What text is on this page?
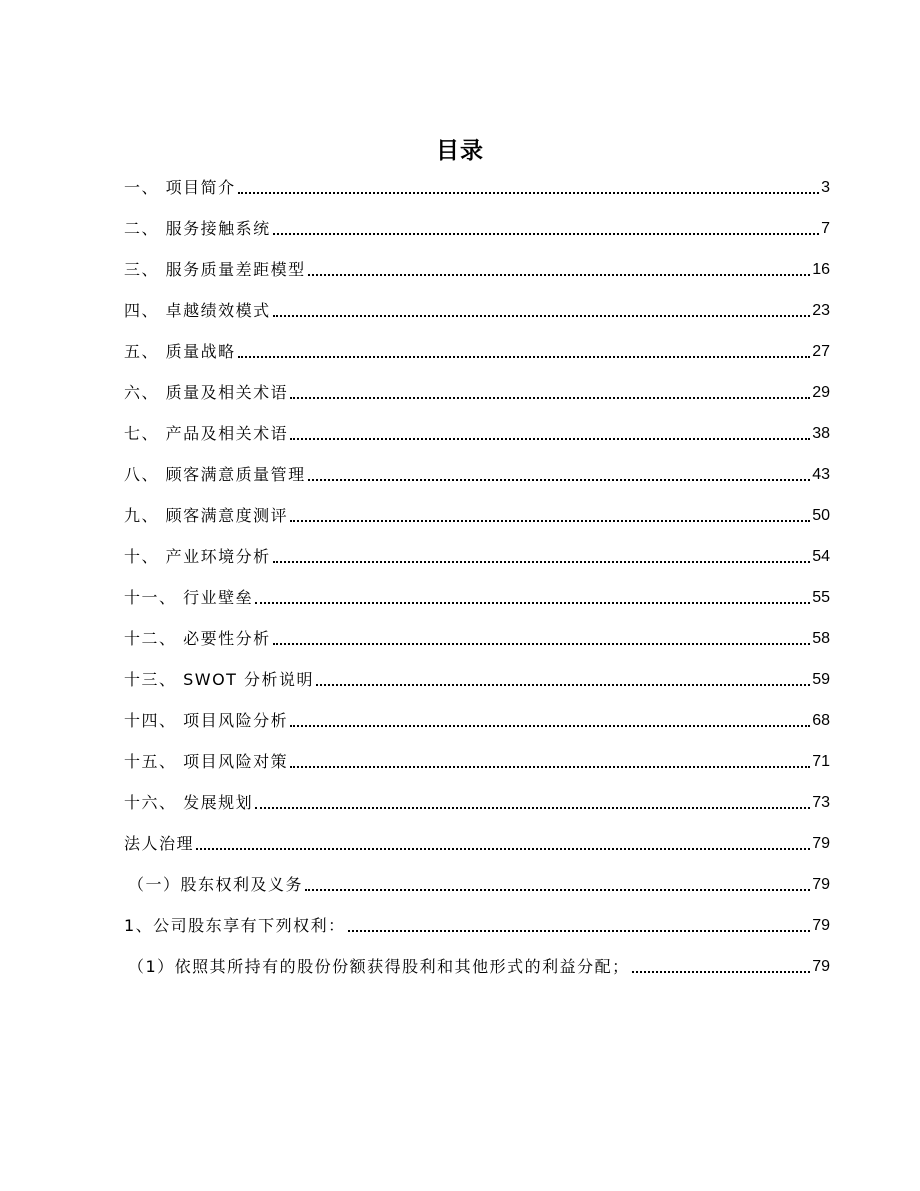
目录
一、 项目简介	3
二、 服务接触系统	7
三、 服务质量差距模型	16
四、 卓越绩效模式	23
五、 质量战略	27
六、 质量及相关术语	29
七、 产品及相关术语	38
八、 顾客满意质量管理	43
九、 顾客满意度测评	50
十、 产业环境分析	54
十一、 行业壁垒	55
十二、 必要性分析	58
十三、 SWOT 分析说明	59
十四、 项目风险分析	68
十五、 项目风险对策	71
十六、 发展规划	73
法人治理	79
（一）股东权利及义务	79
1、公司股东享有下列权利：	79
（1）依照其所持有的股份份额获得股利和其他形式的利益分配；	79
